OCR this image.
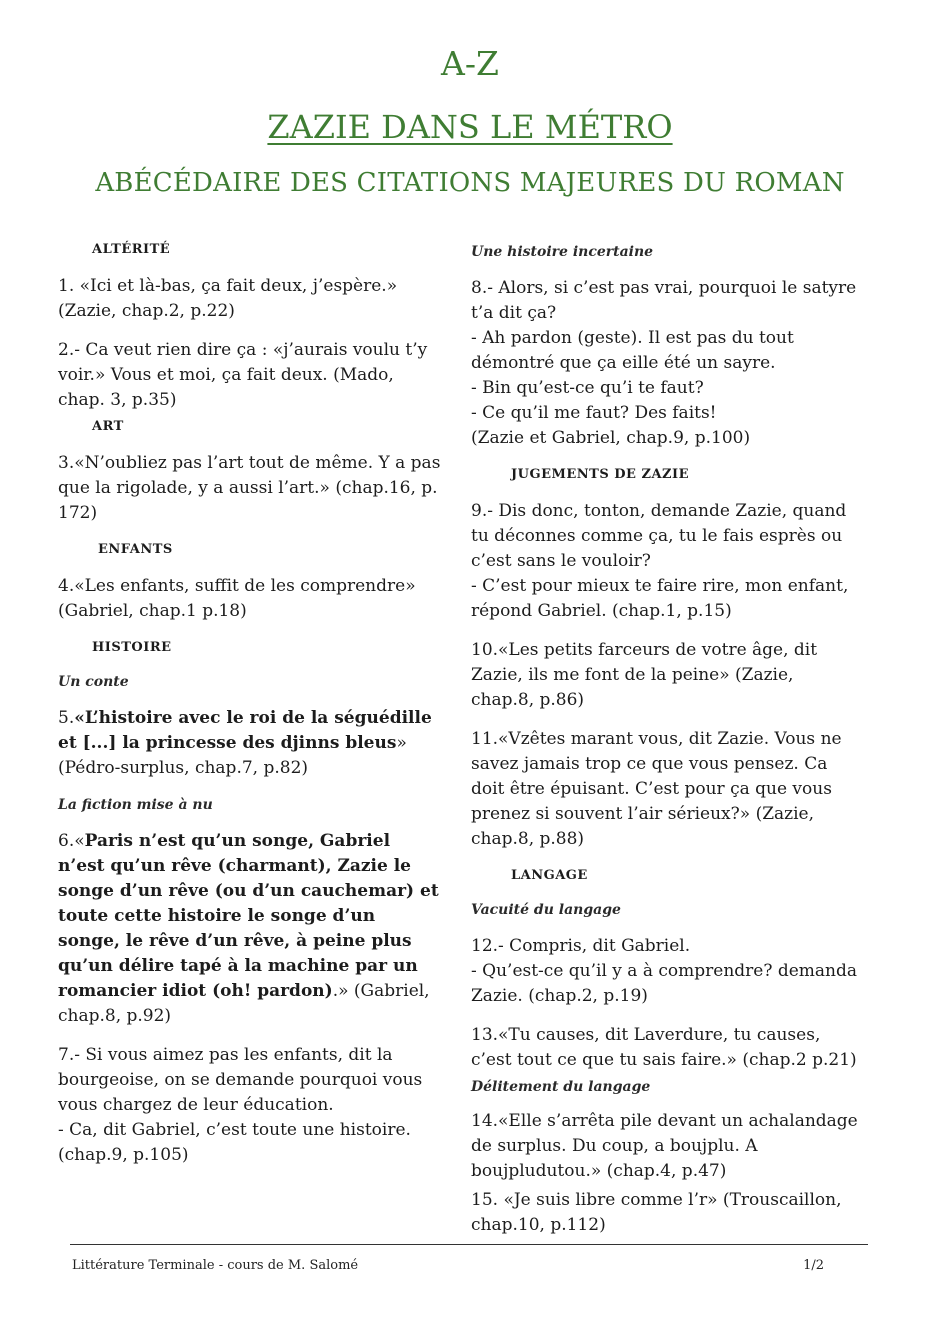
A-Z
ZAZIE DANS LE MÉTRO
ABÉCÉDAIRE DES CITATIONS MAJEURES DU ROMAN
ALTÉRITÉ
1. «Ici et là-bas, ça fait deux, j’espère.» (Zazie, chap.2, p.22)
2.- Ca veut rien dire ça : «j’aurais voulu t’y voir.» Vous et moi, ça fait deux. (Mado, chap. 3, p.35)
ART
3.«N’oubliez pas l’art tout de même. Y a pas que la rigolade, y a aussi l’art.» (chap.16, p. 172)
ENFANTS
4.«Les enfants, suffit de les comprendre» (Gabriel, chap.1 p.18)
HISTOIRE
Un conte
5.«L’histoire avec le roi de la séguédille et [...] la princesse des djinns bleus» (Pédro-surplus, chap.7, p.82)
La fiction mise à nu
6.«Paris n’est qu’un songe, Gabriel n’est qu’un rêve (charmant), Zazie le songe d’un rêve (ou d’un cauchemar) et toute cette histoire le songe d’un songe, le rêve d’un rêve, à peine plus qu’un délire tapé à la machine par un romancier idiot (oh! pardon).» (Gabriel, chap.8, p.92)
7.- Si vous aimez pas les enfants, dit la bourgeoise, on se demande pourquoi vous vous chargez de leur éducation.
- Ca, dit Gabriel, c’est toute une histoire. (chap.9, p.105)
Une histoire incertaine
8.- Alors, si c’est pas vrai, pourquoi le satyre t’a dit ça?
- Ah pardon (geste). Il est pas du tout démontré que ça eille été un sayre.
- Bin qu’est-ce qu’i te faut?
- Ce qu’il me faut? Des faits!
(Zazie et Gabriel, chap.9, p.100)
JUGEMENTS DE ZAZIE
9.- Dis donc, tonton, demande Zazie, quand tu déconnes comme ça, tu le fais esprès ou c’est sans le vouloir?
- C’est pour mieux te faire rire, mon enfant, répond Gabriel. (chap.1, p.15)
10.«Les petits farceurs de votre âge, dit Zazie, ils me font de la peine» (Zazie, chap.8, p.86)
11.«Vzêtes marant vous, dit Zazie. Vous ne savez jamais trop ce que vous pensez. Ca doit être épuisant. C’est pour ça que vous prenez si souvent l’air sérieux?» (Zazie, chap.8, p.88)
LANGAGE
Vacuité du langage
12.- Compris, dit Gabriel.
- Qu’est-ce qu’il y a à comprendre? demanda Zazie. (chap.2, p.19)
13.«Tu causes, dit Laverdure, tu causes, c’est tout ce que tu sais faire.» (chap.2 p.21)
Délitement du langage
14.«Elle s’arrêta pile devant un achalandage de surplus. Du coup, a boujplu. A boujpludutou.» (chap.4, p.47)
15. «Je suis libre comme l’r» (Trouscaillon, chap.10, p.112)
Littérature Terminale - cours de M. Salomé	1/2
